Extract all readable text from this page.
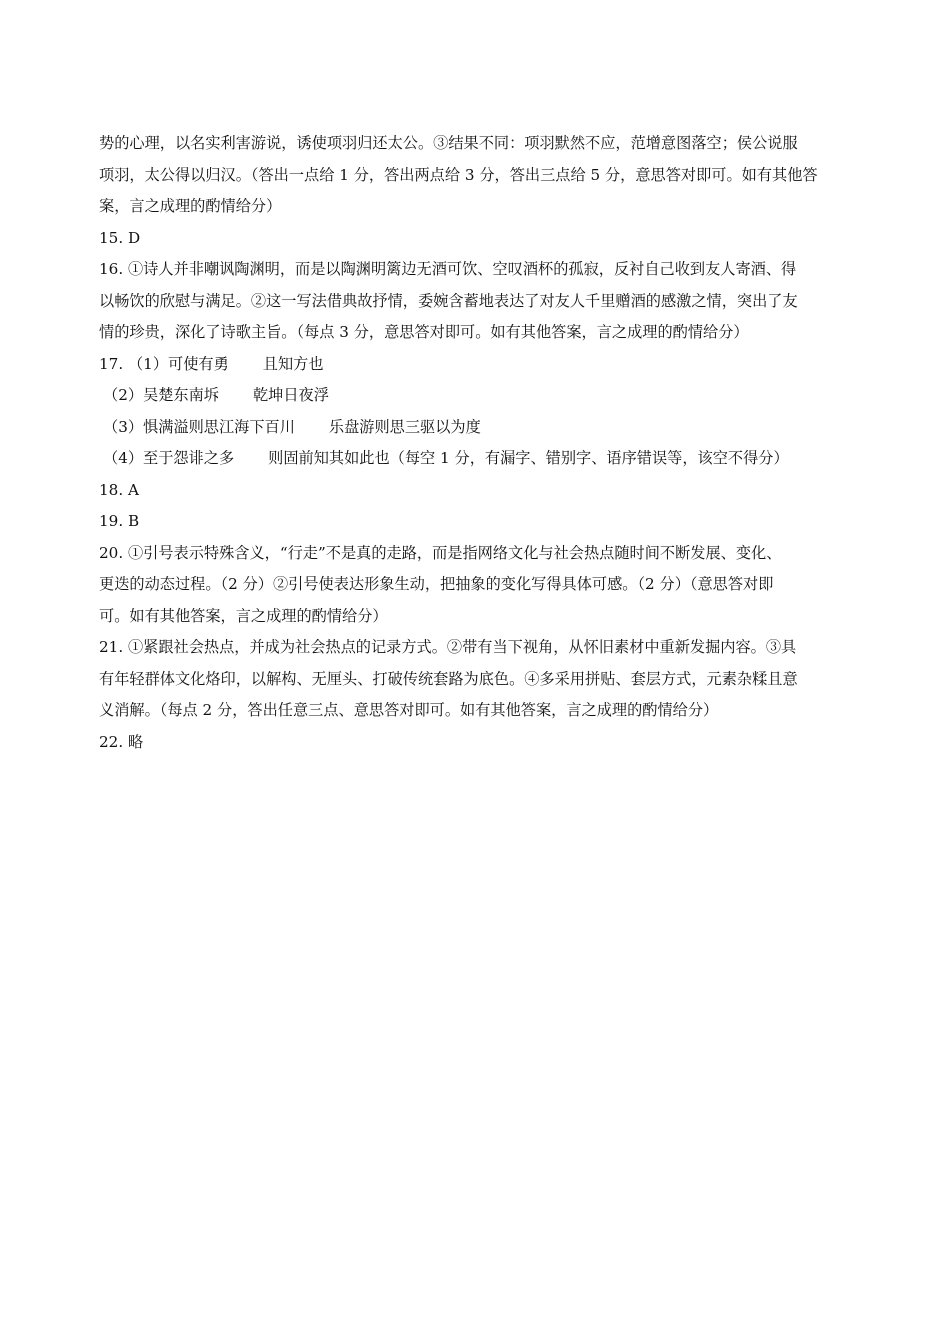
势的心理，以名实利害游说，诱使项羽归还太公。③结果不同：项羽默然不应，范增意图落空；侯公说服
项羽，太公得以归汉。（答出一点给 1 分，答出两点给 3 分，答出三点给 5 分，意思答对即可。如有其他答
案，言之成理的酌情给分）
15. D
16. ①诗人并非嘲讽陶渊明，而是以陶渊明篱边无酒可饮、空叹酒杯的孤寂，反衬自己收到友人寄酒、得
以畅饮的欣慰与满足。②这一写法借典故抒情，委婉含蓄地表达了对友人千里赠酒的感激之情，突出了友
情的珍贵，深化了诗歌主旨。（每点 3 分，意思答对即可。如有其他答案，言之成理的酌情给分）
17. （1）可使有勇 且知方也
（2）吴楚东南坼 乾坤日夜浮
（3）惧满溢则思江海下百川 乐盘游则思三驱以为度
（4）至于怨诽之多 则固前知其如此也（每空 1 分，有漏字、错别字、语序错误等，该空不得分）
18. A
19. B
20. ①引号表示特殊含义，“行走”不是真的走路，而是指网络文化与社会热点随时间不断发展、变化、
更迭的动态过程。（2 分）②引号使表达形象生动，把抽象的变化写得具体可感。（2 分）（意思答对即
可。如有其他答案，言之成理的酌情给分）
21. ①紧跟社会热点，并成为社会热点的记录方式。②带有当下视角，从怀旧素材中重新发掘内容。③具
有年轻群体文化烙印，以解构、无厘头、打破传统套路为底色。④多采用拼贴、套层方式，元素杂糅且意
义消解。（每点 2 分，答出任意三点、意思答对即可。如有其他答案，言之成理的酌情给分）
22. 略
